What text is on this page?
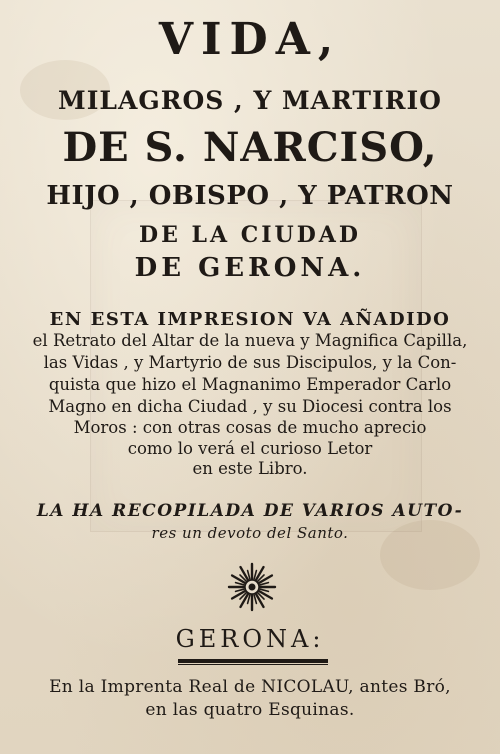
VIDA,
MILAGROS , Y MARTIRIO
DE S. NARCISO,
HIJO , OBISPO , Y PATRON
DE LA CIUDAD
DE GERONA.
EN ESTA IMPRESION VA AÑADIDO
el Retrato del Altar de la nueva y Magnifica Capilla,
las Vidas , y Martyrio de sus Discipulos, y la Con-
quista que hizo el Magnanimo Emperador Carlo
Magno en dicha Ciudad , y su Diocesi contra los
Moros : con otras cosas de mucho aprecio
como lo verá el curioso Letor
en este Libro.
LA HA RECOPILADA DE VARIOS AUTO-
res un devoto del Santo.
GERONA:
En la Imprenta Real de NICOLAU, antes Bró,
en las quatro Esquinas.
